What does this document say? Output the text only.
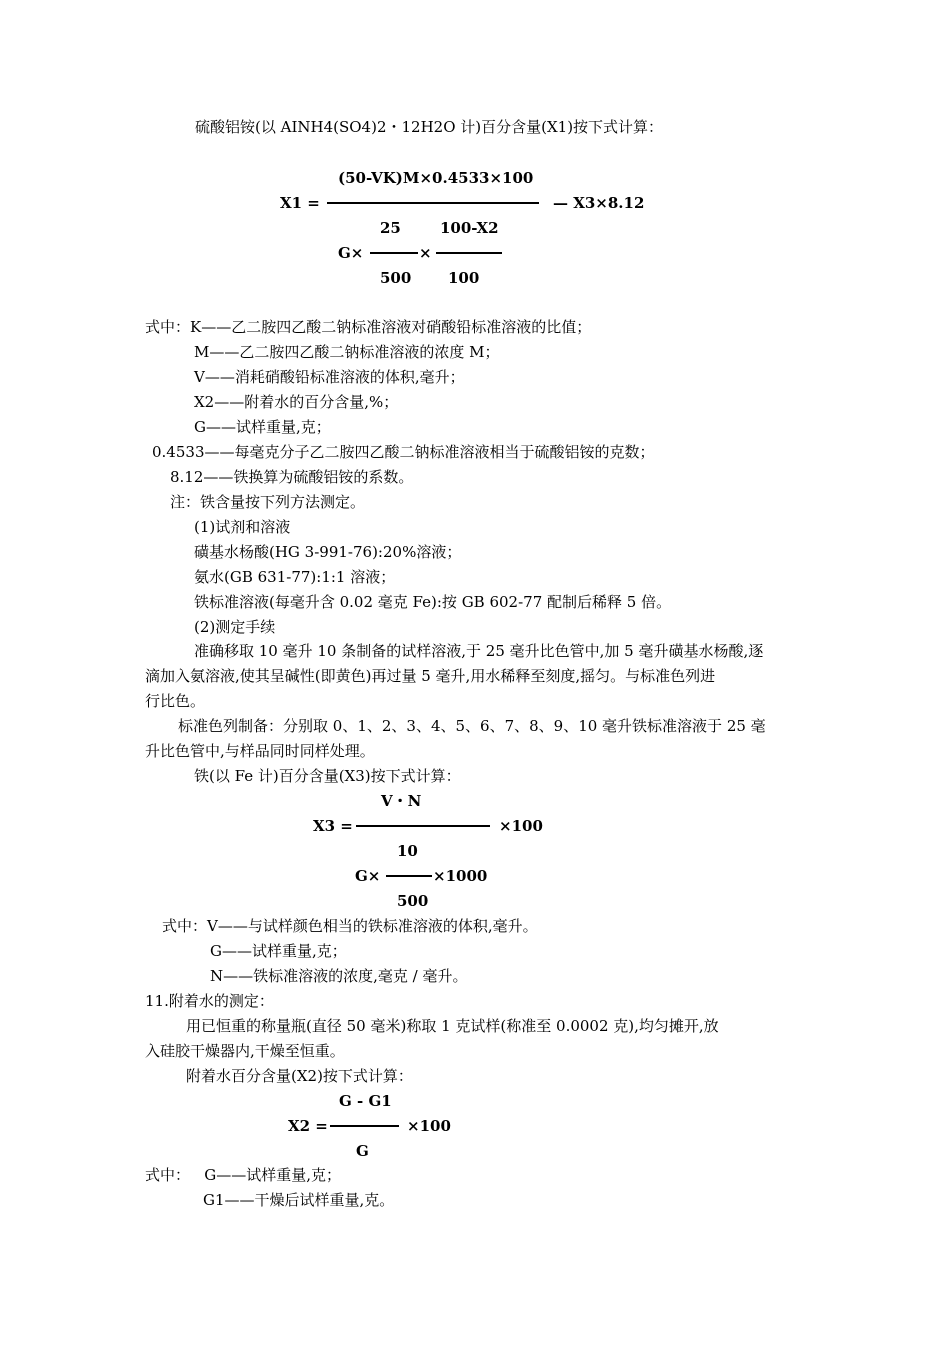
硫酸铝铵(以 AINH4(SO4)2・12H2O 计)百分含量(X1)按下式计算：
(50-VK)M×0.4533×100
X1 =	— X3×8.12
25	100-X2
G×	×
500 100
式中：K——乙二胺四乙酸二钠标准溶液对硝酸铅标准溶液的比值；
M——乙二胺四乙酸二钠标准溶液的浓度 M；
V——消耗硝酸铅标准溶液的体积,毫升；
X2——附着水的百分含量,%；
G——试样重量,克；
0.4533——每毫克分子乙二胺四乙酸二钠标准溶液相当于硫酸铝铵的克数；
8.12——铁换算为硫酸铝铵的系数。
注：铁含量按下列方法测定。
(1)试剂和溶液
磺基水杨酸(HG 3-991-76):20%溶液；
氨水(GB 631-77):1:1 溶液；
铁标准溶液(每毫升含 0.02 毫克 Fe):按 GB 602-77 配制后稀释 5 倍。
(2)测定手续
准确移取 10 毫升 10 条制备的试样溶液,于 25 毫升比色管中,加 5 毫升磺基水杨酸,逐
滴加入氨溶液,使其呈碱性(即黄色)再过量 5 毫升,用水稀释至刻度,摇匀。与标准色列进
行比色。
标准色列制备：分别取 0、1、2、3、4、5、6、7、8、9、10 毫升铁标准溶液于 25 毫
升比色管中,与样品同时同样处理。
铁(以 Fe 计)百分含量(X3)按下式计算：
V・N
X3 =	×100
10
G×	×1000
500
式中：V——与试样颜色相当的铁标准溶液的体积,毫升。
G——试样重量,克；
N——铁标准溶液的浓度,毫克 / 毫升。
11.附着水的测定：
用已恒重的称量瓶(直径 50 毫米)称取 1 克试样(称准至 0.0002 克),均匀摊开,放
入硅胶干燥器内,干燥至恒重。
附着水百分含量(X2)按下式计算：
G - G1
X2 =	×100
G
式中：   G——试样重量,克；
G1——干燥后试样重量,克。
